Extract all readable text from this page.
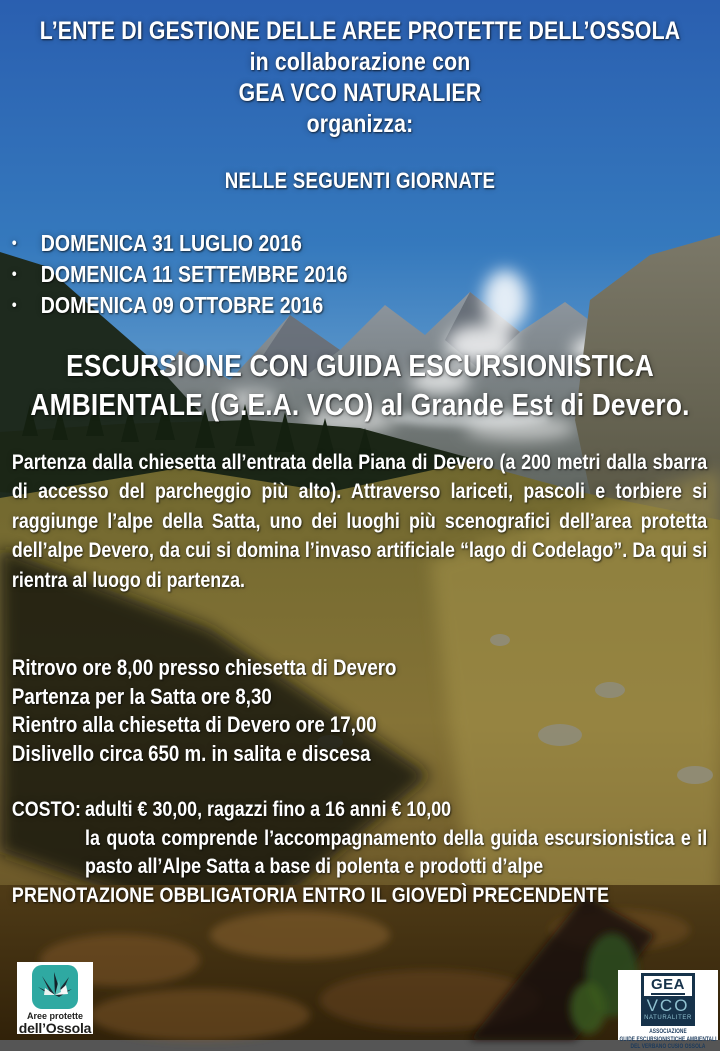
L’ENTE DI GESTIONE DELLE AREE PROTETTE DELL’OSSOLA
in collaborazione con
GEA VCO NATURALIER
organizza:
NELLE SEGUENTI GIORNATE
•	DOMENICA 31 LUGLIO 2016
•	DOMENICA 11 SETTEMBRE 2016
•	DOMENICA 09 OTTOBRE 2016
ESCURSIONE CON GUIDA ESCURSIONISTICA
AMBIENTALE (G.E.A. VCO) al Grande Est di Devero.
Partenza dalla chiesetta all’entrata della Piana di Devero (a 200 metri dalla sbarra di accesso del parcheggio più alto). Attraverso lariceti, pascoli e torbiere si raggiunge l’alpe della Satta, uno dei luoghi più scenografici dell’area protetta dell’alpe Devero, da cui si domina l’invaso artificiale “lago di Codelago”. Da qui si rientra al luogo di partenza.
Ritrovo ore 8,00 presso chiesetta di Devero
Partenza per la Satta ore 8,30
Rientro alla chiesetta di Devero ore 17,00
Dislivello circa 650 m. in salita e discesa
COSTO: adulti € 30,00, ragazzi fino a 16 anni € 10,00
la quota comprende l’accompagnamento della guida escursionistica e il pasto all’Alpe Satta a base di polenta e prodotti d’alpe
PRENOTAZIONE OBBLIGATORIA ENTRO IL GIOVEDÌ PRECENDENTE
Aree protette
dell’Ossola
GEA
VCO
NATURALITER
ASSOCIAZIONE
GUIDE ESCURSIONISTICHE AMBIENTALI
DEL VERBANO CUSIO OSSOLA
